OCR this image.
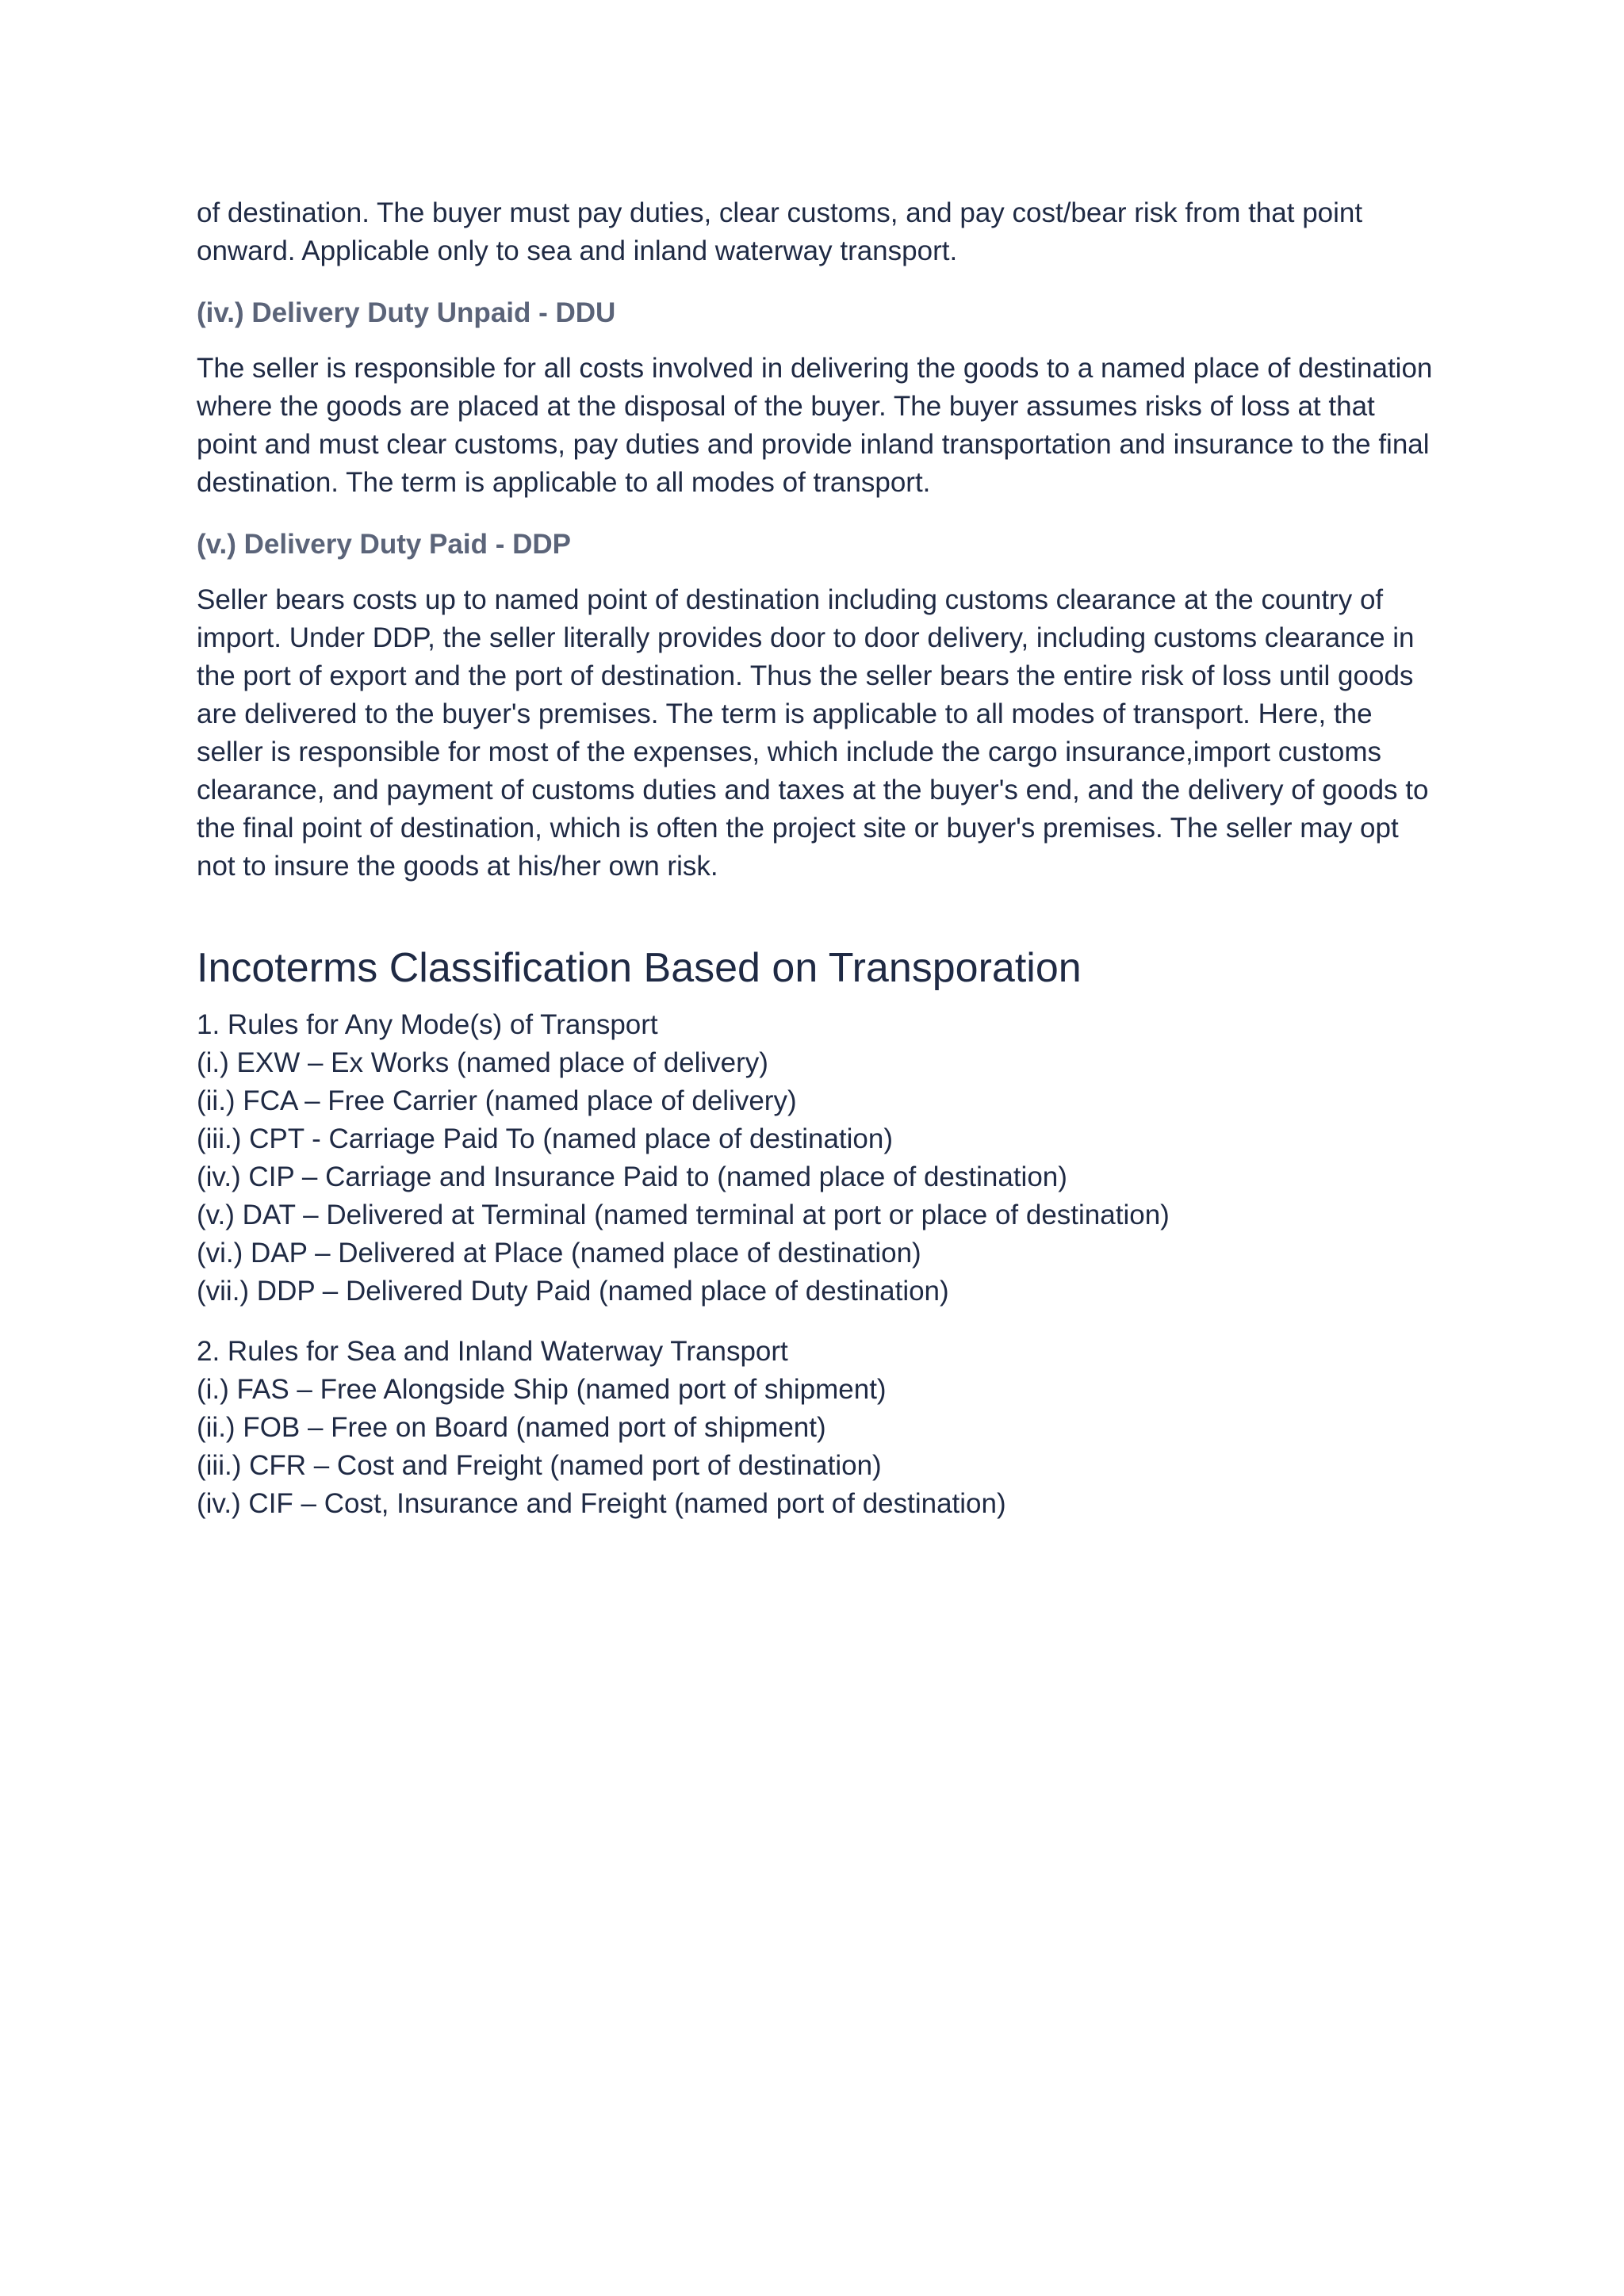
of destination. The buyer must pay duties, clear customs, and pay cost/bear risk from that point onward. Applicable only to sea and inland waterway transport.

(iv.) Delivery Duty Unpaid - DDU

The seller is responsible for all costs involved in delivering the goods to a named place of destination where the goods are placed at the disposal of the buyer. The buyer assumes risks of loss at that point and must clear customs, pay duties and provide inland transportation and insurance to the final destination. The term is applicable to all modes of transport.

(v.) Delivery Duty Paid - DDP

Seller bears costs up to named point of destination including customs clearance at the country of import. Under DDP, the seller literally provides door to door delivery, including customs clearance in the port of export and the port of destination. Thus the seller bears the entire risk of loss until goods are delivered to the buyer's premises. The term is applicable to all modes of transport. Here, the seller is responsible for most of the expenses, which include the cargo insurance,import customs clearance, and payment of customs duties and taxes at the buyer's end, and the delivery of goods to the final point of destination, which is often the project site or buyer's premises. The seller may opt not to insure the goods at his/her own risk.

Incoterms Classification Based on Transporation

1. Rules for Any Mode(s) of Transport

(i.) EXW – Ex Works (named place of delivery)

(ii.) FCA – Free Carrier (named place of delivery)

(iii.) CPT - Carriage Paid To (named place of destination)

(iv.) CIP – Carriage and Insurance Paid to (named place of destination)

(v.) DAT – Delivered at Terminal (named terminal at port or place of destination)

(vi.) DAP – Delivered at Place (named place of destination)

(vii.) DDP – Delivered Duty Paid (named place of destination)

2. Rules for Sea and Inland Waterway Transport

(i.) FAS – Free Alongside Ship (named port of shipment)

(ii.) FOB – Free on Board (named port of shipment)

(iii.) CFR – Cost and Freight (named port of destination)

(iv.) CIF – Cost, Insurance and Freight (named port of destination)
